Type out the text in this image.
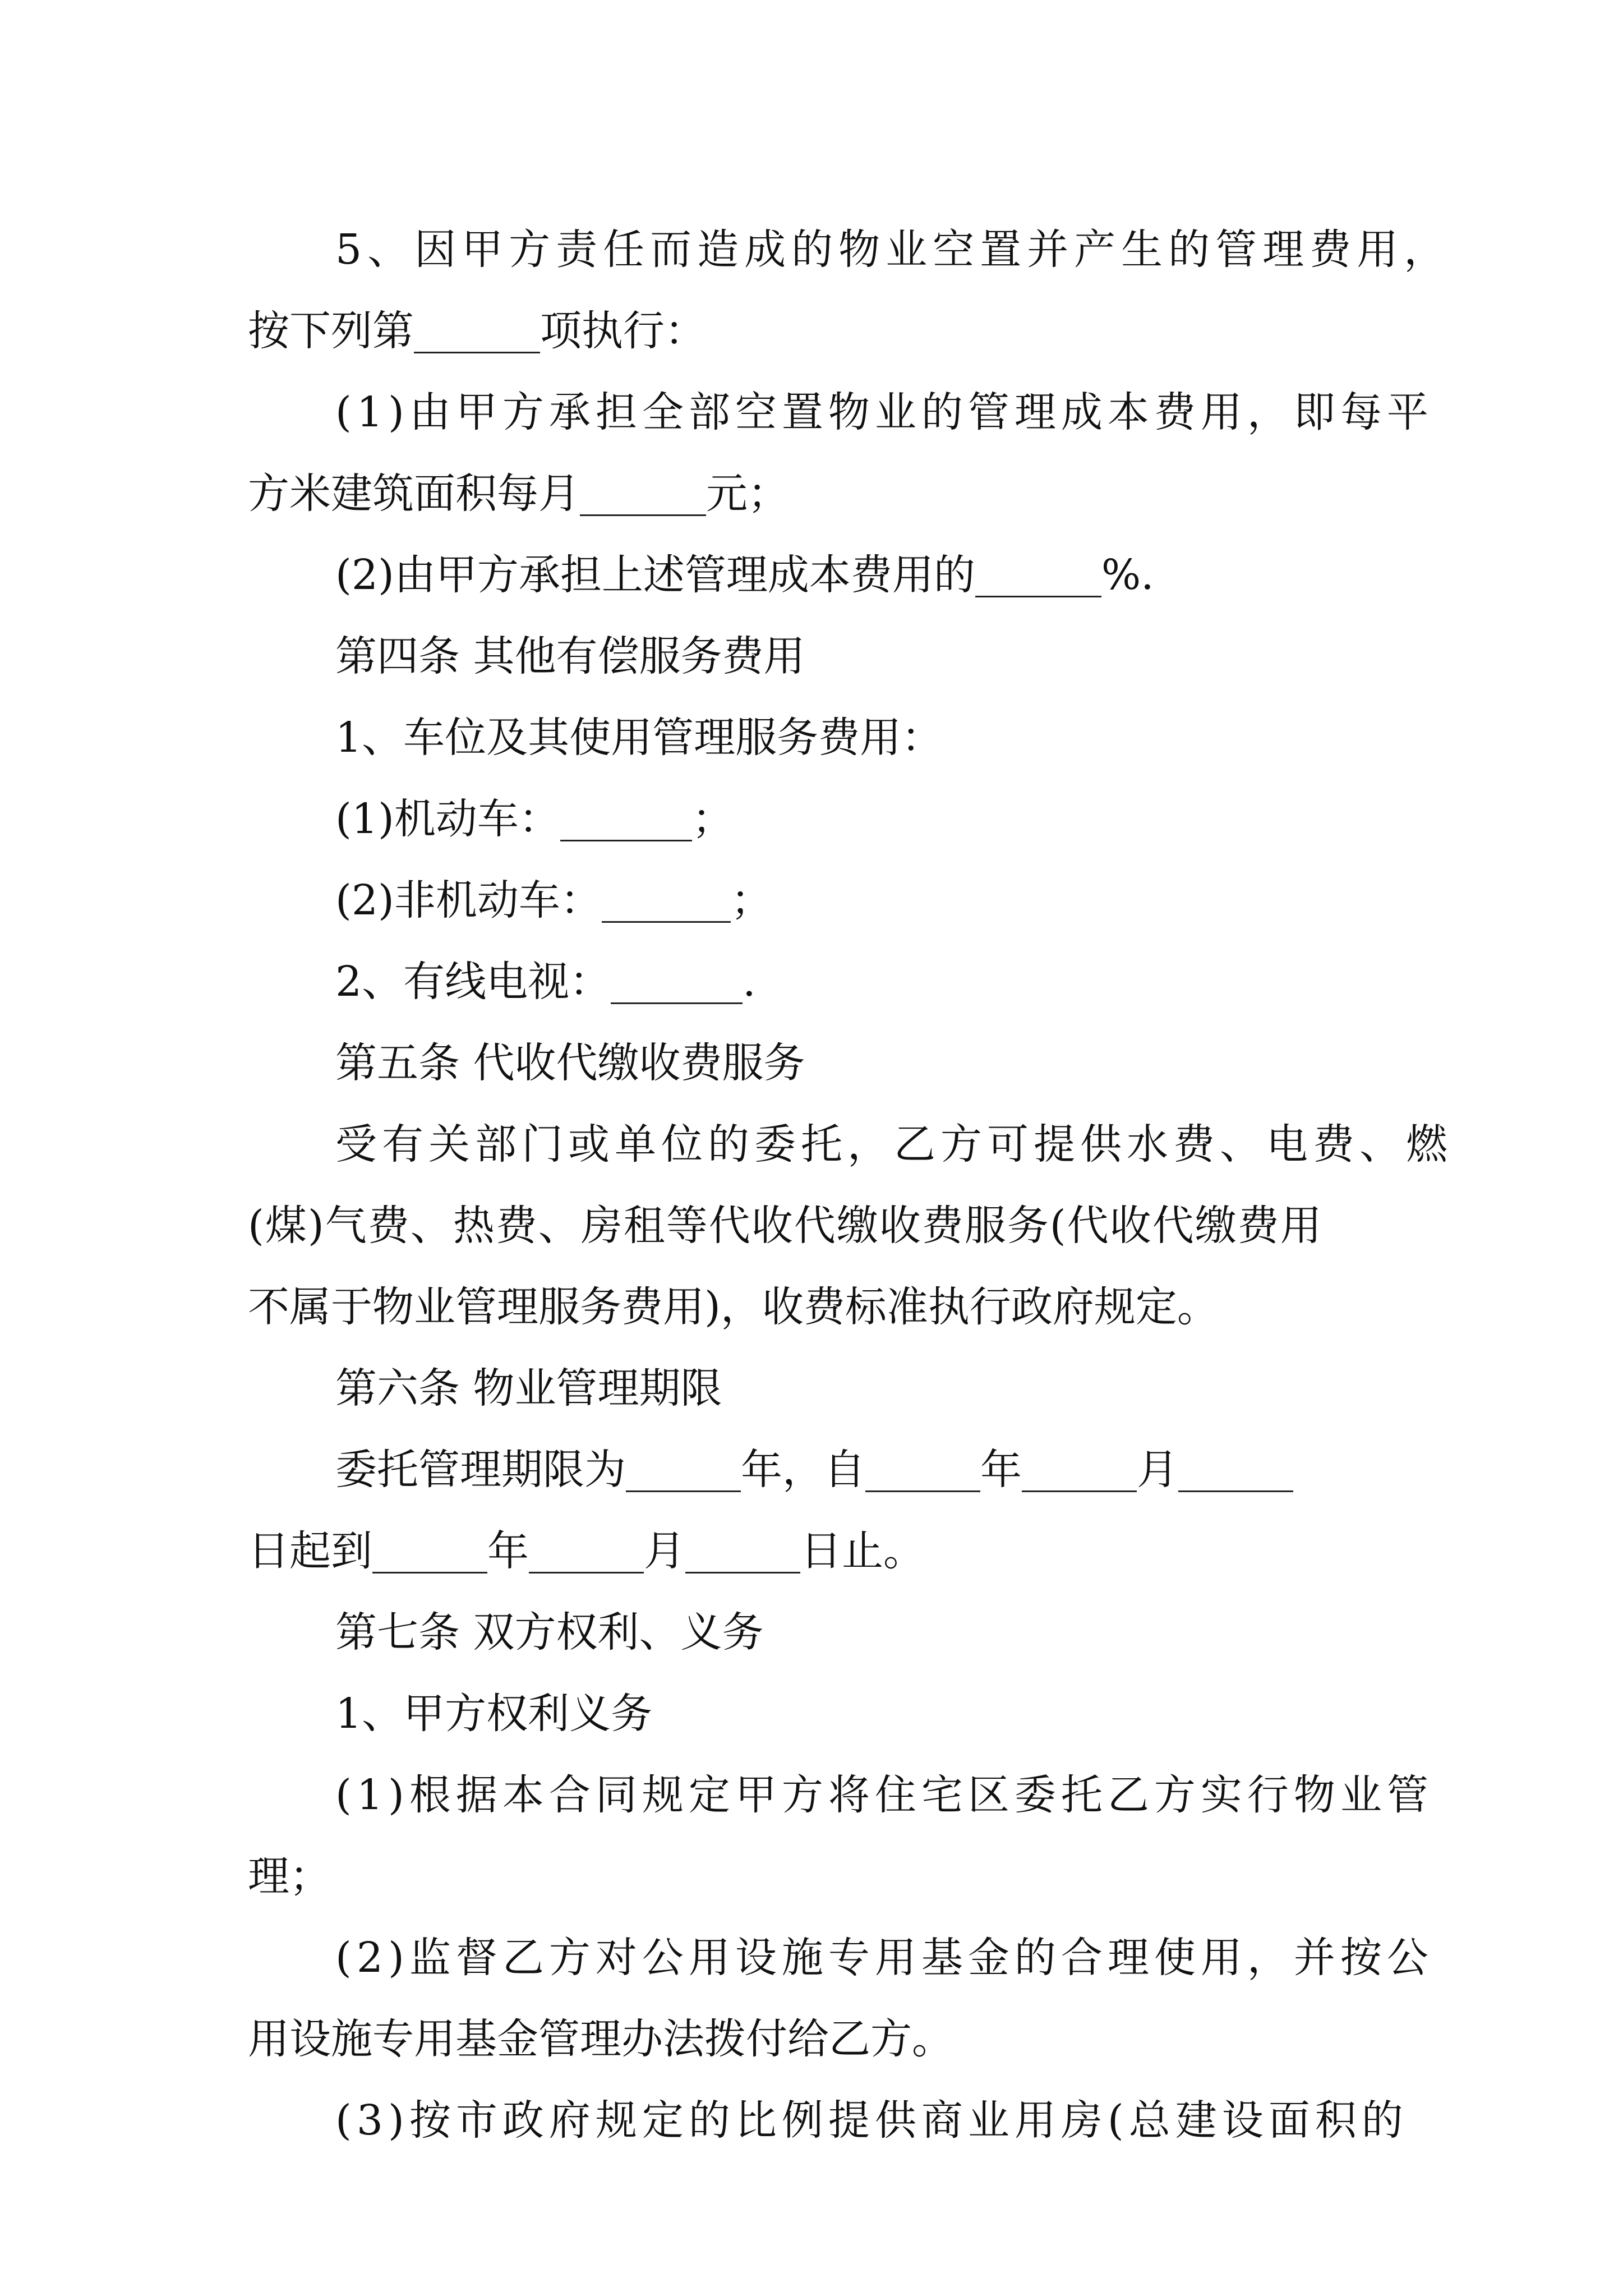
5、因甲方责任而造成的物业空置并产生的管理费用，
按下列第	项执行：
(1)由甲方承担全部空置物业的管理成本费用，即每平
方米建筑面积每月	元；
(2)由甲方承担上述管理成本费用的	%.
第四条 其他有偿服务费用
1、车位及其使用管理服务费用：
(1)机动车：	；
(2)非机动车：	；
2、有线电视：	.
第五条 代收代缴收费服务
受有关部门或单位的委托，乙方可提供水费、电费、燃
(煤)气费、热费、房租等代收代缴收费服务(代收代缴费用
不属于物业管理服务费用)，收费标准执行政府规定。
第六条 物业管理期限
委托管理期限为	年，自	年	月
日起到	年	月	日止。
第七条 双方权利、义务
1、甲方权利义务
(1)根据本合同规定甲方将住宅区委托乙方实行物业管
理；
(2)监督乙方对公用设施专用基金的合理使用，并按公
用设施专用基金管理办法拨付给乙方。
(3)按市政府规定的比例提供商业用房(总建设面积的
